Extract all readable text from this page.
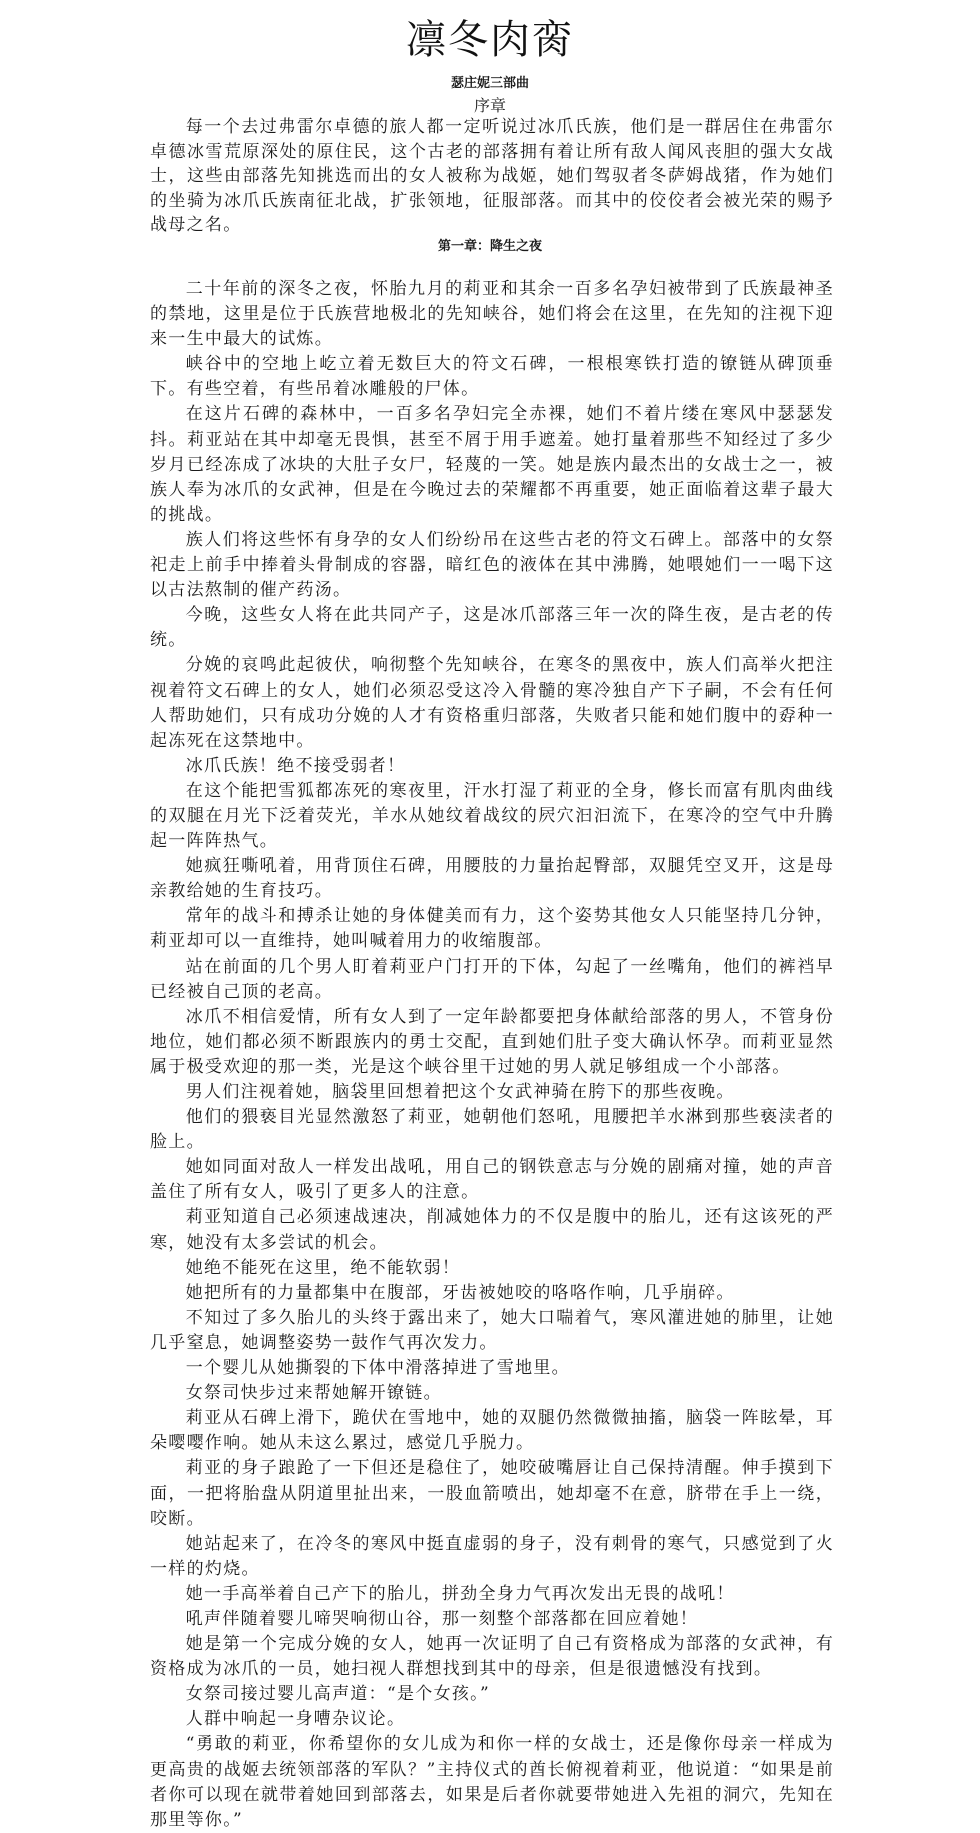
凛冬肉脔
瑟庄妮三部曲
序章

每一个去过弗雷尔卓德的旅人都一定听说过冰爪氏族，他们是一群居住在弗雷尔卓德冰雪荒原深处的原住民，这个古老的部落拥有着让所有敌人闻风丧胆的强大女战士，这些由部落先知挑选而出的女人被称为战姬，她们驾驭者冬萨姆战猪，作为她们的坐骑为冰爪氏族南征北战，扩张领地，征服部落。而其中的佼佼者会被光荣的赐予战母之名。

第一章：降生之夜

二十年前的深冬之夜，怀胎九月的莉亚和其余一百多名孕妇被带到了氏族最神圣的禁地，这里是位于氏族营地极北的先知峡谷，她们将会在这里，在先知的注视下迎来一生中最大的试炼。

峡谷中的空地上屹立着无数巨大的符文石碑，一根根寒铁打造的镣链从碑顶垂下。有些空着，有些吊着冰雕般的尸体。

在这片石碑的森林中，一百多名孕妇完全赤裸，她们不着片缕在寒风中瑟瑟发抖。莉亚站在其中却毫无畏惧，甚至不屑于用手遮羞。她打量着那些不知经过了多少岁月已经冻成了冰块的大肚子女尸，轻蔑的一笑。她是族内最杰出的女战士之一，被族人奉为冰爪的女武神，但是在今晚过去的荣耀都不再重要，她正面临着这辈子最大的挑战。

族人们将这些怀有身孕的女人们纷纷吊在这些古老的符文石碑上。部落中的女祭祀走上前手中捧着头骨制成的容器，暗红色的液体在其中沸腾，她喂她们一一喝下这以古法熬制的催产药汤。

今晚，这些女人将在此共同产子，这是冰爪部落三年一次的降生夜，是古老的传统。

分娩的哀鸣此起彼伏，响彻整个先知峡谷，在寒冬的黑夜中，族人们高举火把注视着符文石碑上的女人，她们必须忍受这冷入骨髓的寒冷独自产下子嗣，不会有任何人帮助她们，只有成功分娩的人才有资格重归部落，失败者只能和她们腹中的孬种一起冻死在这禁地中。

冰爪氏族！绝不接受弱者！

在这个能把雪狐都冻死的寒夜里，汗水打湿了莉亚的全身，修长而富有肌肉曲线的双腿在月光下泛着荧光，羊水从她纹着战纹的屄穴汩汩流下，在寒冷的空气中升腾起一阵阵热气。

她疯狂嘶吼着，用背顶住石碑，用腰肢的力量抬起臀部，双腿凭空叉开，这是母亲教给她的生育技巧。

常年的战斗和搏杀让她的身体健美而有力，这个姿势其他女人只能坚持几分钟，莉亚却可以一直维持，她叫喊着用力的收缩腹部。

站在前面的几个男人盯着莉亚户门打开的下体，勾起了一丝嘴角，他们的裤裆早已经被自己顶的老高。

冰爪不相信爱情，所有女人到了一定年龄都要把身体献给部落的男人，不管身份地位，她们都必须不断跟族内的勇士交配，直到她们肚子变大确认怀孕。而莉亚显然属于极受欢迎的那一类，光是这个峡谷里干过她的男人就足够组成一个小部落。

男人们注视着她，脑袋里回想着把这个女武神骑在胯下的那些夜晚。

他们的猥亵目光显然激怒了莉亚，她朝他们怒吼，甩腰把羊水淋到那些亵渎者的脸上。

她如同面对敌人一样发出战吼，用自己的钢铁意志与分娩的剧痛对撞，她的声音盖住了所有女人，吸引了更多人的注意。

莉亚知道自己必须速战速决，削减她体力的不仅是腹中的胎儿，还有这该死的严寒，她没有太多尝试的机会。

她绝不能死在这里，绝不能软弱！

她把所有的力量都集中在腹部，牙齿被她咬的咯咯作响，几乎崩碎。

不知过了多久胎儿的头终于露出来了，她大口喘着气，寒风灌进她的肺里，让她几乎窒息，她调整姿势一鼓作气再次发力。

一个婴儿从她撕裂的下体中滑落掉进了雪地里。

女祭司快步过来帮她解开镣链。

莉亚从石碑上滑下，跪伏在雪地中，她的双腿仍然微微抽搐，脑袋一阵眩晕，耳朵嘤嘤作响。她从未这么累过，感觉几乎脱力。

莉亚的身子踉跄了一下但还是稳住了，她咬破嘴唇让自己保持清醒。伸手摸到下面，一把将胎盘从阴道里扯出来，一股血箭喷出，她却毫不在意，脐带在手上一绕，咬断。

她站起来了，在冷冬的寒风中挺直虚弱的身子，没有刺骨的寒气，只感觉到了火一样的灼烧。

她一手高举着自己产下的胎儿，拼劲全身力气再次发出无畏的战吼！

吼声伴随着婴儿啼哭响彻山谷，那一刻整个部落都在回应着她！

她是第一个完成分娩的女人，她再一次证明了自己有资格成为部落的女武神，有资格成为冰爪的一员，她扫视人群想找到其中的母亲，但是很遗憾没有找到。

女祭司接过婴儿高声道：“是个女孩。”

人群中响起一身嘈杂议论。

“勇敢的莉亚，你希望你的女儿成为和你一样的女战士，还是像你母亲一样成为更高贵的战姬去统领部落的军队？”主持仪式的酋长俯视着莉亚，他说道：“如果是前者你可以现在就带着她回到部落去，如果是后者你就要带她进入先祖的洞穴，先知在那里等你。”
